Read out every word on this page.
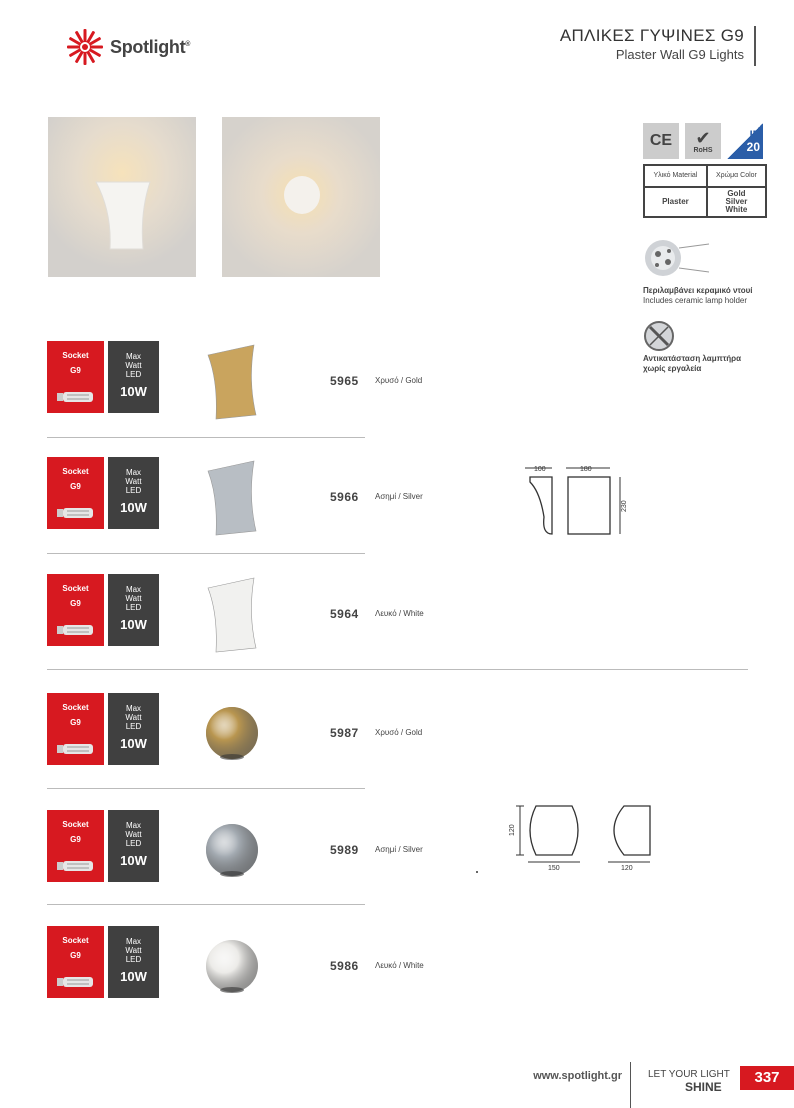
Spotlight®	ΑΠΛΙΚΕΣ ΓΥΨΙΝΕΣ G9
Plaster Wall G9 Lights
CE	✔
RoHS
IP
20
Υλικό Material	Χρώμα Color
Plaster	Gold
Silver
White
Περιλαμβάνει κεραμικό ντουί
Includes ceramic lamp holder
Αντικατάσταση λαμπτήρα
χωρίς εργαλεία
Socket
G9
Max
Watt
LED
10W
5965 Χρυσό / Gold
Socket
G9
Max
Watt
LED
10W
5966 Ασημί / Silver
Socket
G9
Max
Watt
LED
10W
5964 Λευκό / White
Socket
G9
Max
Watt
LED
10W
5987 Χρυσό / Gold
Socket
G9
Max
Watt
LED
10W
5989 Ασημί / Silver
Socket
G9
Max
Watt
LED
10W
5986 Λευκό / White
100	180
230
120
150	120
www.spotlight.gr	LET YOUR LIGHT
SHINE
337
